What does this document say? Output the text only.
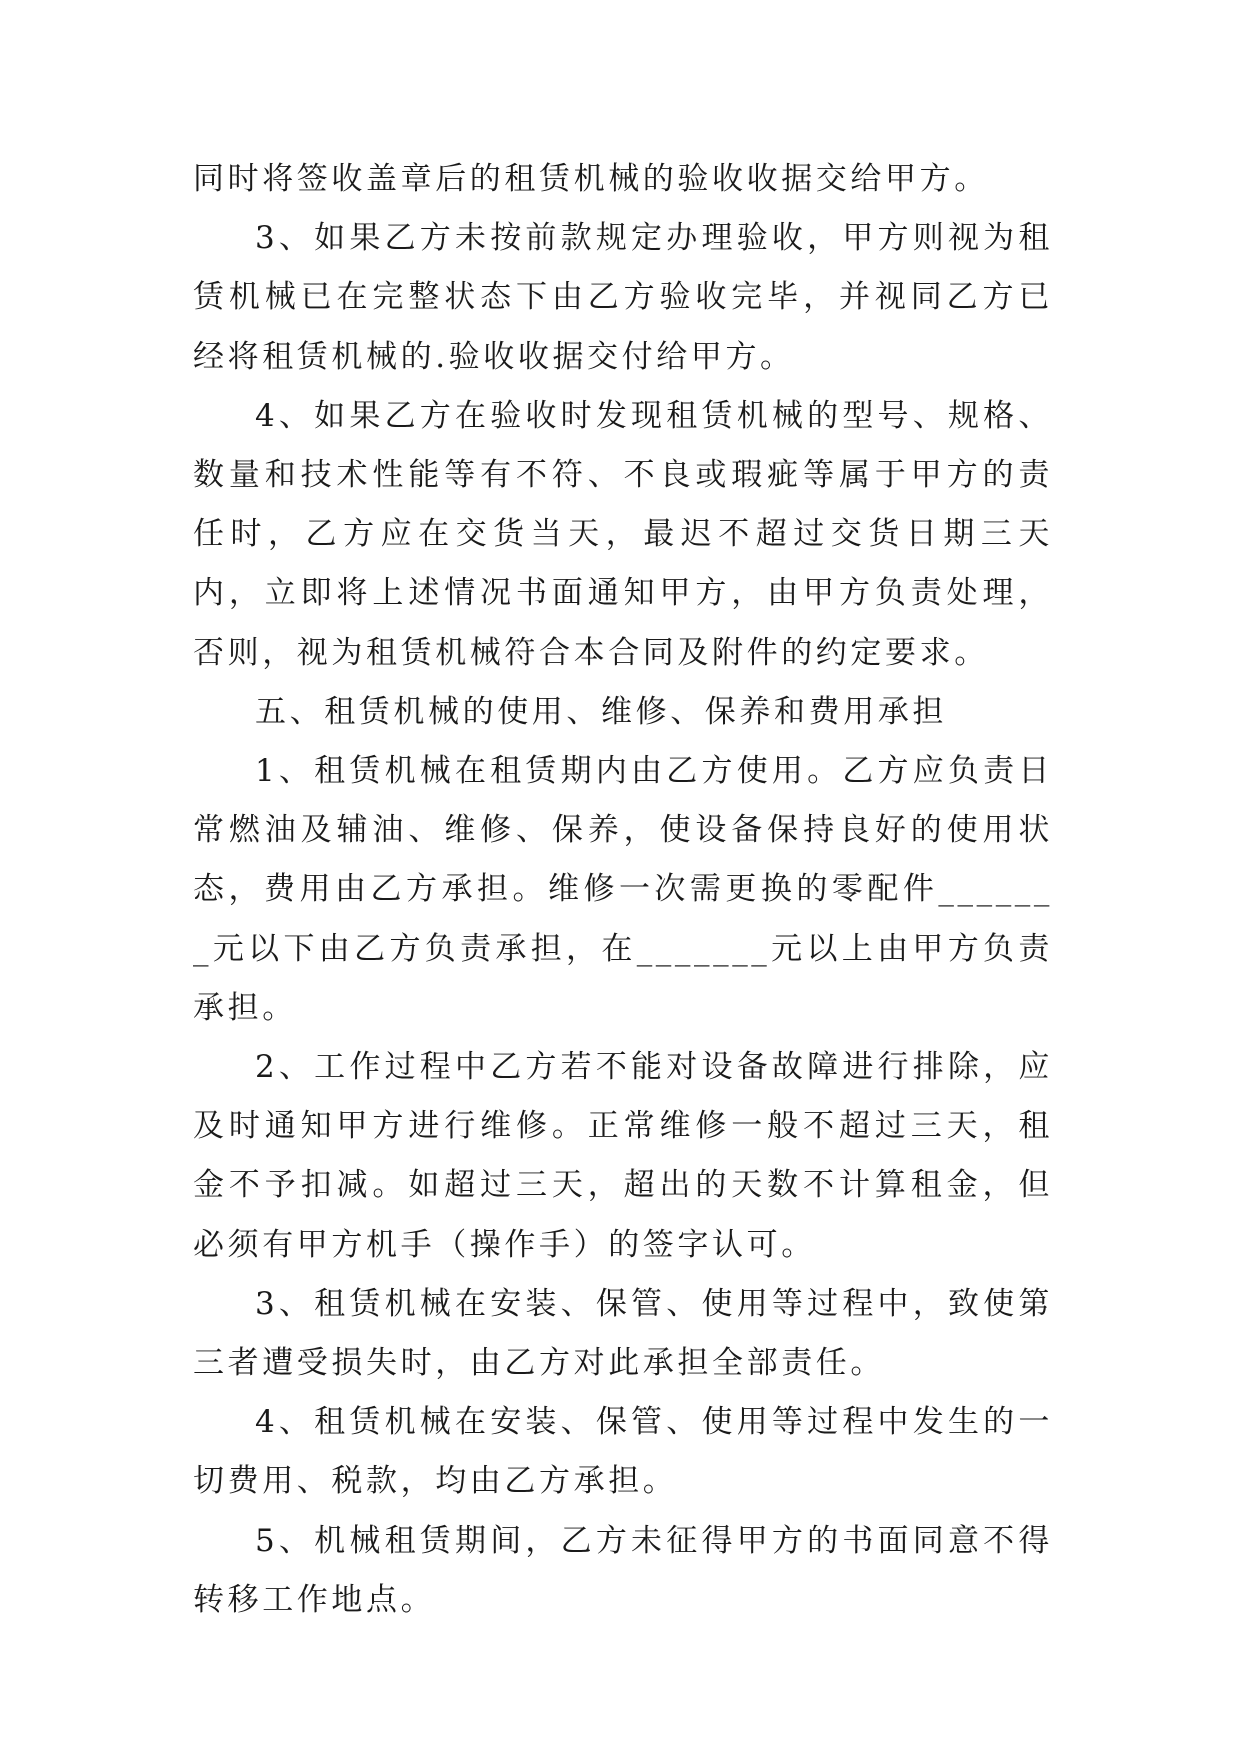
同时将签收盖章后的租赁机械的验收收据交给甲方。

3、如果乙方未按前款规定办理验收，甲方则视为租赁机械已在完整状态下由乙方验收完毕，并视同乙方已经将租赁机械的.验收收据交付给甲方。

4、如果乙方在验收时发现租赁机械的型号、规格、数量和技术性能等有不符、不良或瑕疵等属于甲方的责任时，乙方应在交货当天，最迟不超过交货日期三天内，立即将上述情况书面通知甲方，由甲方负责处理，否则，视为租赁机械符合本合同及附件的约定要求。

五、租赁机械的使用、维修、保养和费用承担

1、租赁机械在租赁期内由乙方使用。乙方应负责日常燃油及辅油、维修、保养，使设备保持良好的使用状态，费用由乙方承担。维修一次需更换的零配件_______元以下由乙方负责承担，在_______元以上由甲方负责承担。

2、工作过程中乙方若不能对设备故障进行排除，应及时通知甲方进行维修。正常维修一般不超过三天，租金不予扣减。如超过三天，超出的天数不计算租金，但必须有甲方机手（操作手）的签字认可。

3、租赁机械在安装、保管、使用等过程中，致使第三者遭受损失时，由乙方对此承担全部责任。

4、租赁机械在安装、保管、使用等过程中发生的一切费用、税款，均由乙方承担。

5、机械租赁期间，乙方未征得甲方的书面同意不得转移工作地点。
